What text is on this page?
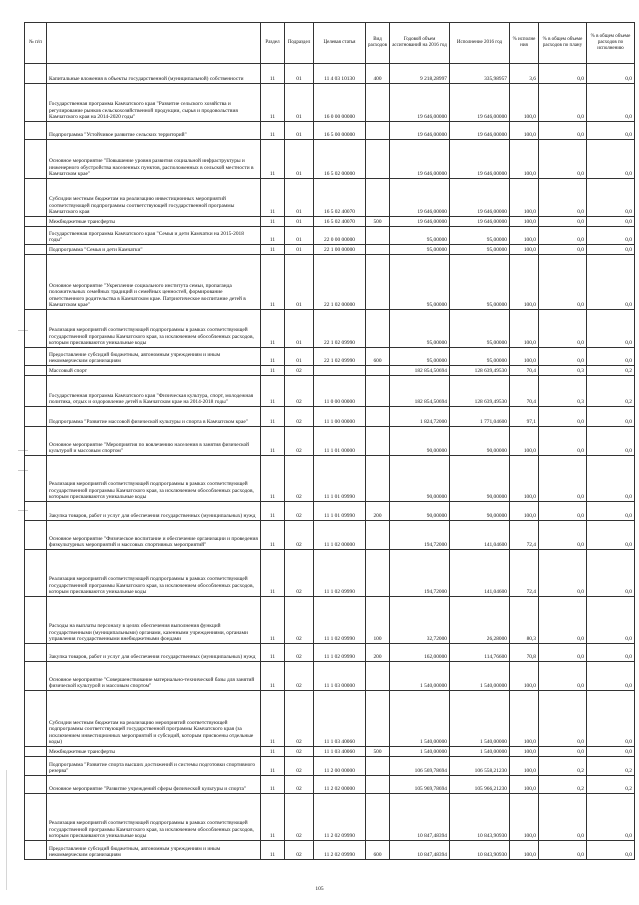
№ п/п		Раздел	Подраздел	Целевая статья	Вид расходов	Годовой объем ассигнований на 2016 год	Исполнение 2016 год	% исполне ния	% в общем объеме расходов по плану	% в общем объеме расходов по исполнению
	Капитальные вложения в объекты государственной (муниципальной) собственности	11	01	11 4 03 10130	400	9 218,28997	335,98957	3,6	0,0	0,0
	Государственная программа Камчатского края "Развитие сельского хозяйства и регулирование рынков сельскохозяйственной продукции, сырья и продовольствия Камчатского края на 2014-2020 годы"	11	01	16 0 00 00000		19 646,00000	19 646,00000	100,0	0,0	0,0
	Подпрограмма "Устойчивое развитие сельских территорий"	11	01	16 5 00 00000		19 646,00000	19 646,00000	100,0	0,0	0,0
	Основное мероприятие "Повышение уровня развития социальной инфраструктуры и инженерного обустройства населенных пунктов, расположенных в сельской местности в Камчатском крае"	11	01	16 5 02 00000		19 646,00000	19 646,00000	100,0	0,0	0,0
	Субсидии местным бюджетам на реализацию инвестиционных мероприятий соответствующей подпрограммы соответствующей государственной программы Камчатского края	11	01	16 5 02 40070		19 646,00000	19 646,00000	100,0	0,0	0,0
	Межбюджетные трансферты	11	01	16 5 02 40070	500	19 646,00000	19 646,00000	100,0	0,0	0,0
	Государственная программа Камчатского края "Семья и дети Камчатки на 2015-2018 годы"	11	01	22 0 00 00000		95,00000	95,00000	100,0	0,0	0,0
	Подпрограмма "Семья и дети Камчатки"	11	01	22 1 00 00000		95,00000	95,00000	100,0	0,0	0,0
	Основное мероприятие "Укрепление социального института семьи, пропаганда положительных семейных традиций и семейных ценностей, формирование ответственного родительства в Камчатском крае. Патриотическое воспитание детей в Камчатском крае"	11	01	22 1 02 00000		95,00000	95,00000	100,0	0,0	0,0
	Реализация мероприятий соответствующей подпрограммы в рамках соответствующей государственной программы Камчатского края, за исключением обособленных расходов, которым присваиваются уникальные коды	11	01	22 1 02 09990		95,00000	95,00000	100,0	0,0	0,0
	Предоставление субсидий бюджетным, автономным учреждениям и иным некоммерческим организациям	11	01	22 1 02 09990	600	95,00000	95,00000	100,0	0,0	0,0
	Массовый спорт	11	02			182 854,50694	128 639,49530	70,4	0,3	0,2
	Государственная программа Камчатского края "Физическая культура, спорт, молодежная политика, отдых и оздоровление детей в Камчатском крае на 2014-2018 годы"	11	02	11 0 00 00000		182 854,50694	128 639,49530	70,4	0,3	0,2
	Подпрограмма "Развитие массовой физической культуры и спорта в Камчатском крае"	11	02	11 1 00 00000		1 824,72000	1 771,04600	97,1	0,0	0,0
	Основное мероприятие "Мероприятия по вовлечению населения в занятия физической культурой и массовым спортом"	11	02	11 1 01 00000		90,00000	90,00000	100,0	0,0	0,0
	Реализация мероприятий соответствующей подпрограммы в рамках соответствующей государственной программы Камчатского края, за исключением обособленных расходов, которым присваиваются уникальные коды	11	02	11 1 01 09990		90,00000	90,00000	100,0	0,0	0,0
	Закупка товаров, работ и услуг для обеспечения государственных (муниципальных) нужд	11	02	11 1 01 09990	200	90,00000	90,00000	100,0	0,0	0,0
	Основное мероприятие "Физическое воспитание и обеспечение организации и проведения физкультурных мероприятий и массовых спортивных мероприятий"	11	02	11 1 02 00000		194,72000	141,04600	72,4	0,0	0,0
	Реализация мероприятий соответствующей подпрограммы в рамках соответствующей государственной программы Камчатского края, за исключением обособленных расходов, которым присваиваются уникальные коды	11	02	11 1 02 09990		194,72000	141,04600	72,4	0,0	0,0
	Расходы на выплаты персоналу в целях обеспечения выполнения функций государственными (муниципальными) органами, казенными учреждениями, органами управления государственными внебюджетными фондами	11	02	11 1 02 09990	100	32,72000	26,28000	80,3	0,0	0,0
	Закупка товаров, работ и услуг для обеспечения государственных (муниципальных) нужд	11	02	11 1 02 09990	200	162,00000	114,76600	70,8	0,0	0,0
	Основное мероприятие "Совершенствование материально-технической базы для занятий физической культурой и массовым спортом"	11	02	11 1 03 00000		1 540,00000	1 540,00000	100,0	0,0	0,0
	Субсидии местным бюджетам на реализацию мероприятий соответствующей подпрограммы соответствующей государственной программы Камчатского края (за исключением инвестиционных мероприятий и субсидий, которым присвоены отдельные коды)	11	02	11 1 03 40060		1 540,00000	1 540,00000	100,0	0,0	0,0
	Межбюджетные трансферты	11	02	11 1 03 40060	500	1 540,00000	1 540,00000	100,0	0,0	0,0
	Подпрограмма "Развитие спорта высших достижений и системы подготовки спортивного резерва"	11	02	11 2 00 00000		106 569,78694	106 558,21230	100,0	0,2	0,2
	Основное мероприятие "Развитие учреждений сферы физической культуры и спорта"	11	02	11 2 02 00000		105 969,78694	105 966,21230	100,0	0,2	0,2
	Реализация мероприятий соответствующей подпрограммы в рамках соответствующей государственной программы Камчатского края, за исключением обособленных расходов, которым присваиваются уникальные коды	11	02	11 2 02 09990		10 847,48394	10 843,90930	100,0	0,0	0,0
	Предоставление субсидий бюджетным, автономным учреждениям и иным некоммерческим организациям	11	02	11 2 02 09990	600	10 847,48394	10 843,90930	100,0	0,0	0,0
105
